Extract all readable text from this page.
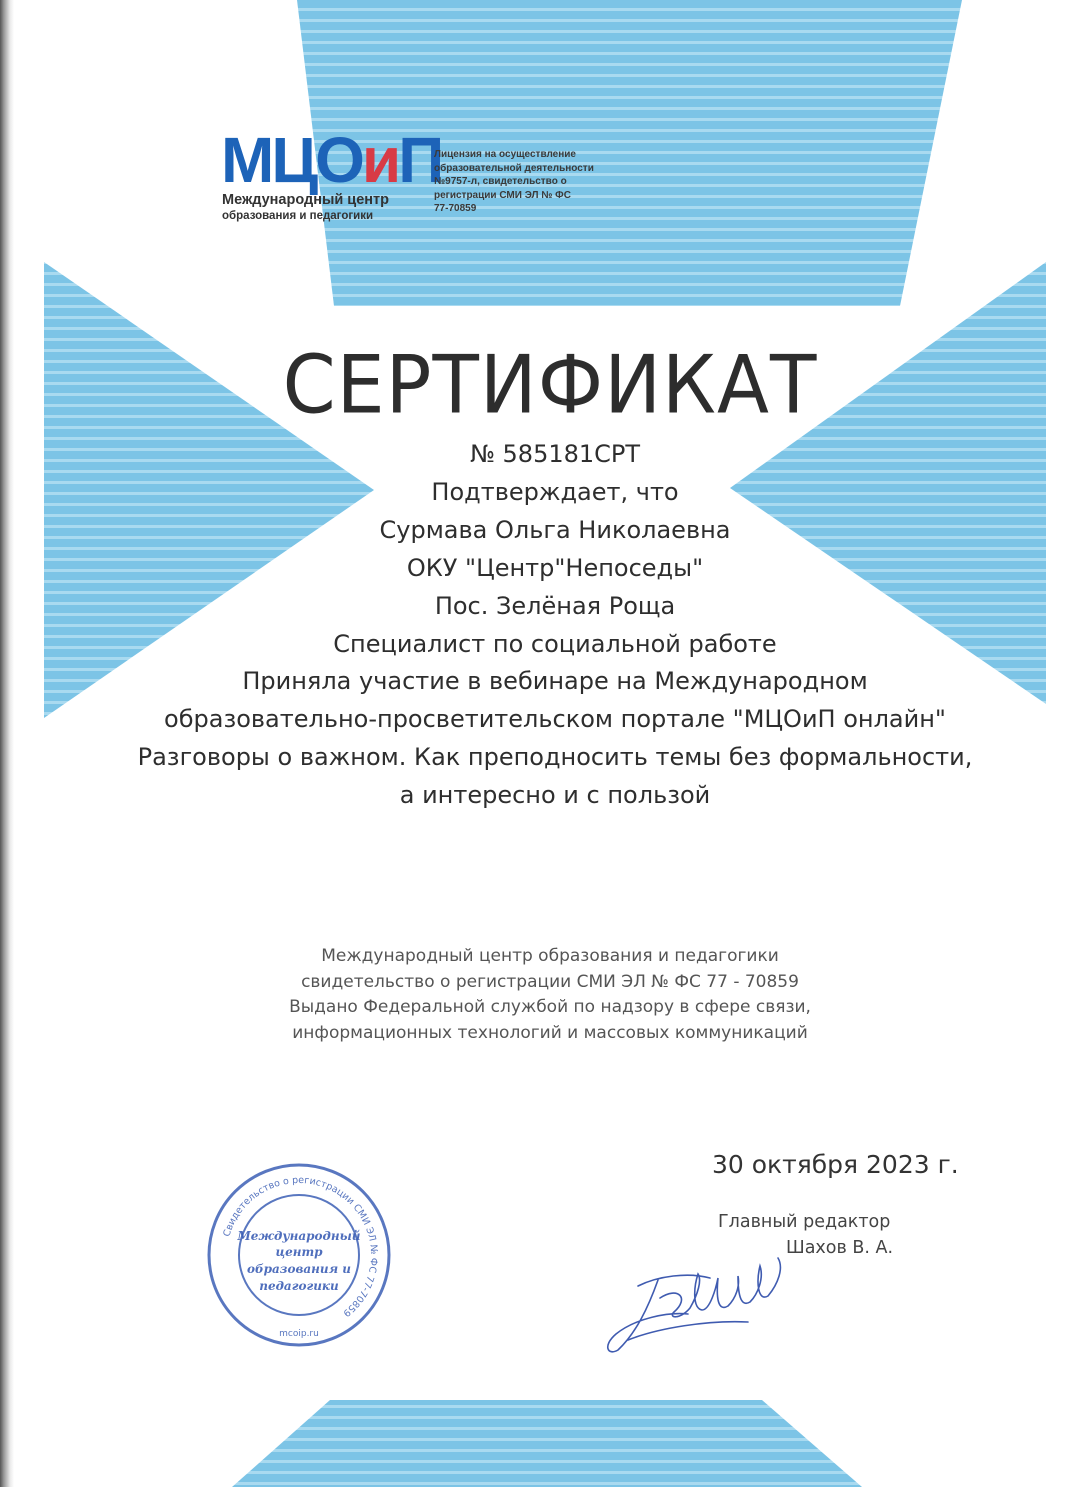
МЦОиП
Международный центр
образования и педагогики
Лицензия на осуществление
образовательной деятельности
№9757-л, свидетельство о
регистрации СМИ ЭЛ № ФС
77-70859
СЕРТИФИКАТ
№ 585181СРТ
Подтверждает, что
Сурмава Ольга Николаевна
ОКУ "Центр"Непоседы"
Пос. Зелёная Роща
Специалист по социальной работе
Приняла участие в вебинаре на Международном
образовательно-просветительском портале "МЦОиП онлайн"
Разговоры о важном. Как преподносить темы без формальности,
а интересно и с пользой
Международный центр образования и педагогики
свидетельство о регистрации СМИ ЭЛ № ФС 77 - 70859
Выдано Федеральной службой по надзору в сфере связи,
информационных технологий и массовых коммуникаций
30 октября 2023 г.
Главный редактор
Шахов В. А.
Свидетельство о регистрации СМИ ЭЛ № ФС 77-70859
mcoip.ru
Международный
центр
образования и
педагогики
